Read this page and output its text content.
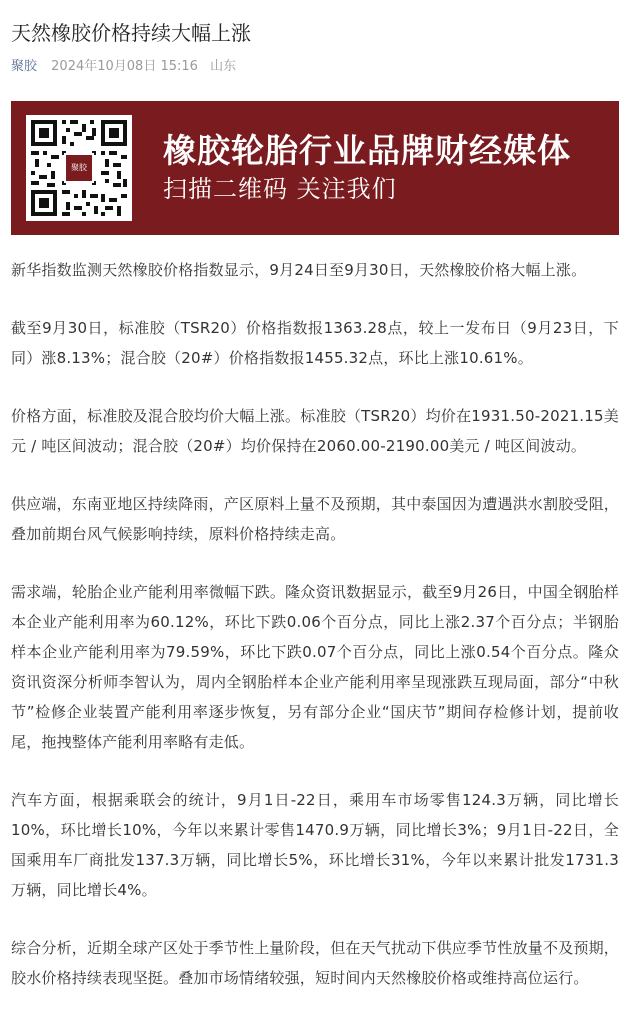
天然橡胶价格持续大幅上涨
聚胶 2024年10月08日 15:16 山东
聚胶 橡胶轮胎行业品牌财经媒体
扫描二维码 关注我们

新华指数监测天然橡胶价格指数显示，9月24日至9月30日，天然橡胶价格大幅上涨。

截至9月30日，标准胶（TSR20）价格指数报1363.28点，较上一发布日（9月23日，下同）涨8.13%；混合胶（20#）价格指数报1455.32点，环比上涨10.61%。

价格方面，标准胶及混合胶均价大幅上涨。标准胶（TSR20）均价在1931.50-2021.15美元 / 吨区间波动；混合胶（20#）均价保持在2060.00-2190.00美元 / 吨区间波动。

供应端，东南亚地区持续降雨，产区原料上量不及预期，其中泰国因为遭遇洪水割胶受阻，叠加前期台风气候影响持续，原料价格持续走高。

需求端，轮胎企业产能利用率微幅下跌。隆众资讯数据显示，截至9月26日，中国全钢胎样本企业产能利用率为60.12%，环比下跌0.06个百分点，同比上涨2.37个百分点；半钢胎样本企业产能利用率为79.59%，环比下跌0.07个百分点，同比上涨0.54个百分点。隆众资讯资深分析师李智认为，周内全钢胎样本企业产能利用率呈现涨跌互现局面，部分“中秋节”检修企业装置产能利用率逐步恢复，另有部分企业“国庆节”期间存检修计划，提前收尾，拖拽整体产能利用率略有走低。

汽车方面，根据乘联会的统计，9月1日-22日，乘用车市场零售124.3万辆，同比增长10%，环比增长10%，今年以来累计零售1470.9万辆，同比增长3%；9月1日-22日，全国乘用车厂商批发137.3万辆，同比增长5%，环比增长31%，今年以来累计批发1731.3万辆，同比增长4%。

综合分析，近期全球产区处于季节性上量阶段，但在天气扰动下供应季节性放量不及预期，胶水价格持续表现坚挺。叠加市场情绪较强，短时间内天然橡胶价格或维持高位运行。
